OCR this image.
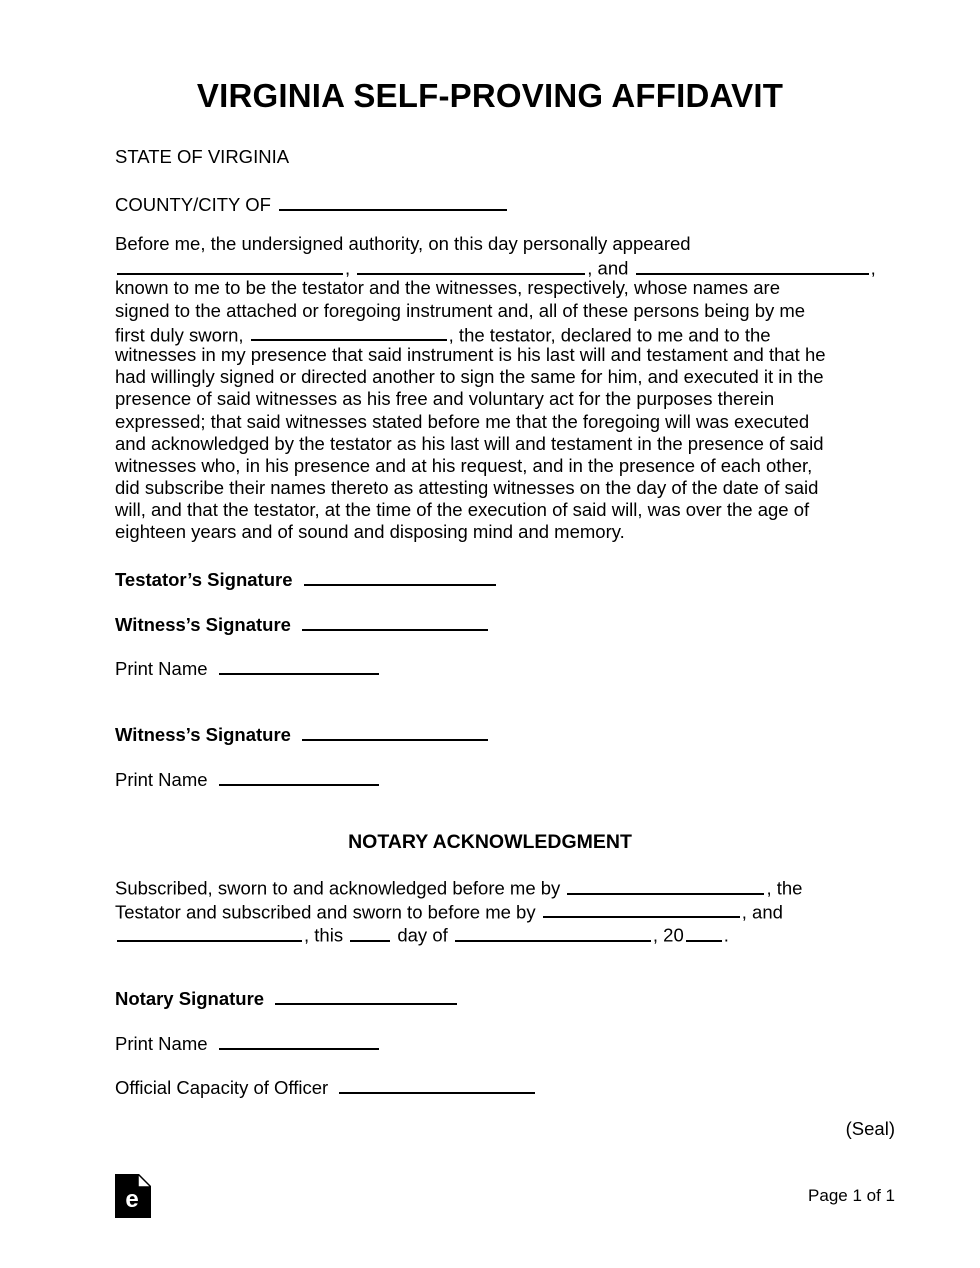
VIRGINIA SELF-PROVING AFFIDAVIT
STATE OF VIRGINIA
COUNTY/CITY OF
Before me, the undersigned authority, on this day personally appeared
,	, and	,
known to me to be the testator and the witnesses, respectively, whose names are
signed to the attached or foregoing instrument and, all of these persons being by me
first duly sworn,	, the testator, declared to me and to the
witnesses in my presence that said instrument is his last will and testament and that he
had willingly signed or directed another to sign the same for him, and executed it in the
presence of said witnesses as his free and voluntary act for the purposes therein
expressed; that said witnesses stated before me that the foregoing will was executed
and acknowledged by the testator as his last will and testament in the presence of said
witnesses who, in his presence and at his request, and in the presence of each other,
did subscribe their names thereto as attesting witnesses on the day of the date of said
will, and that the testator, at the time of the execution of said will, was over the age of
eighteen years and of sound and disposing mind and memory.
Testator’s Signature
Witness’s Signature
Print Name
Witness’s Signature
Print Name
NOTARY ACKNOWLEDGMENT
Subscribed, sworn to and acknowledged before me by	, the
Testator and subscribed and sworn to before me by	, and
, this	day of	, 20 .
Notary Signature
Print Name
Official Capacity of Officer
(Seal)
e	Page 1 of 1
